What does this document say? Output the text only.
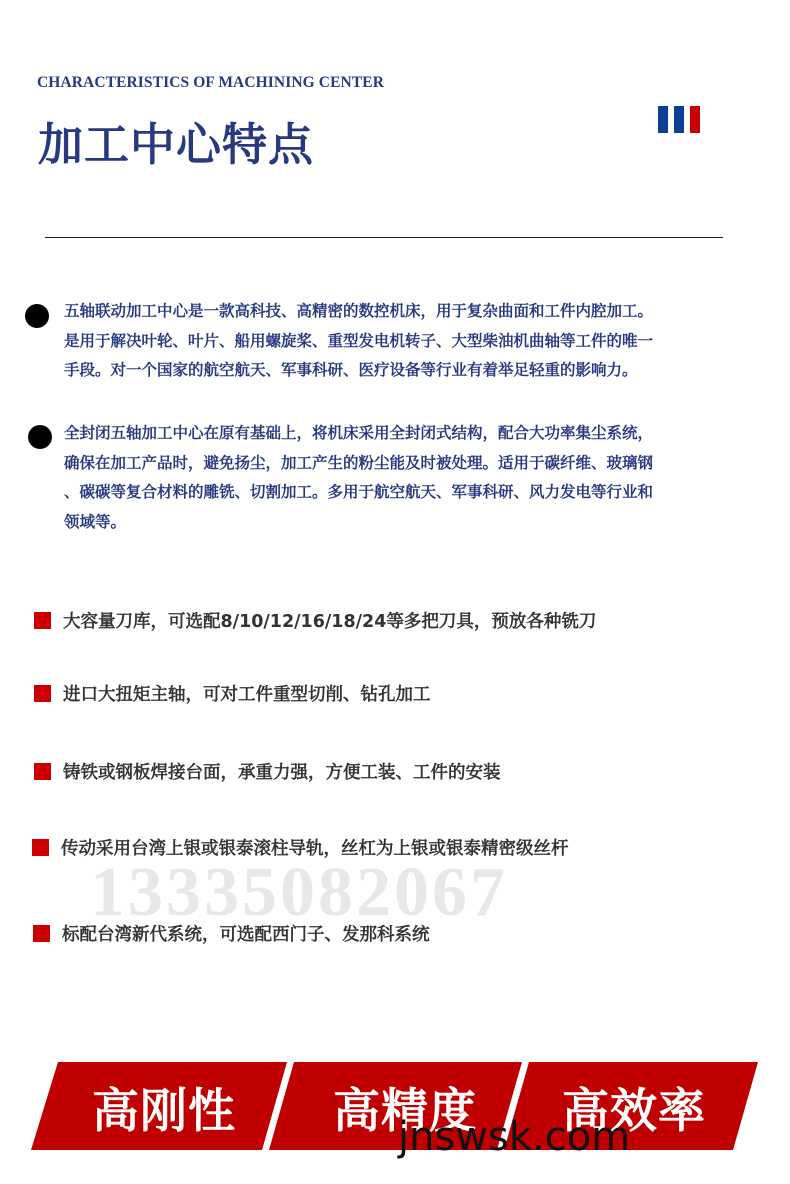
CHARACTERISTICS OF MACHINING CENTER
加工中心特点
五轴联动加工中心是一款高科技、高精密的数控机床，用于复杂曲面和工件内腔加工。
是用于解决叶轮、叶片、船用螺旋桨、重型发电机转子、大型柴油机曲轴等工件的唯一
手段。对一个国家的航空航天、军事科研、医疗设备等行业有着举足轻重的影响力。
全封闭五轴加工中心在原有基础上，将机床采用全封闭式结构，配合大功率集尘系统，
确保在加工产品时，避免扬尘，加工产生的粉尘能及时被处理。适用于碳纤维、玻璃钢
、碳碳等复合材料的雕铣、切割加工。多用于航空航天、军事科研、风力发电等行业和
领域等。
13335082067
大容量刀库，可选配8/10/12/16/18/24等多把刀具，预放各种铣刀
进口大扭矩主轴，可对工件重型切削、钻孔加工
铸铁或钢板焊接台面，承重力强，方便工装、工件的安装
传动采用台湾上银或银泰滚柱导轨，丝杠为上银或银泰精密级丝杆
标配台湾新代系统，可选配西门子、发那科系统
高刚性 高精度 高效率
jnswsk.com
